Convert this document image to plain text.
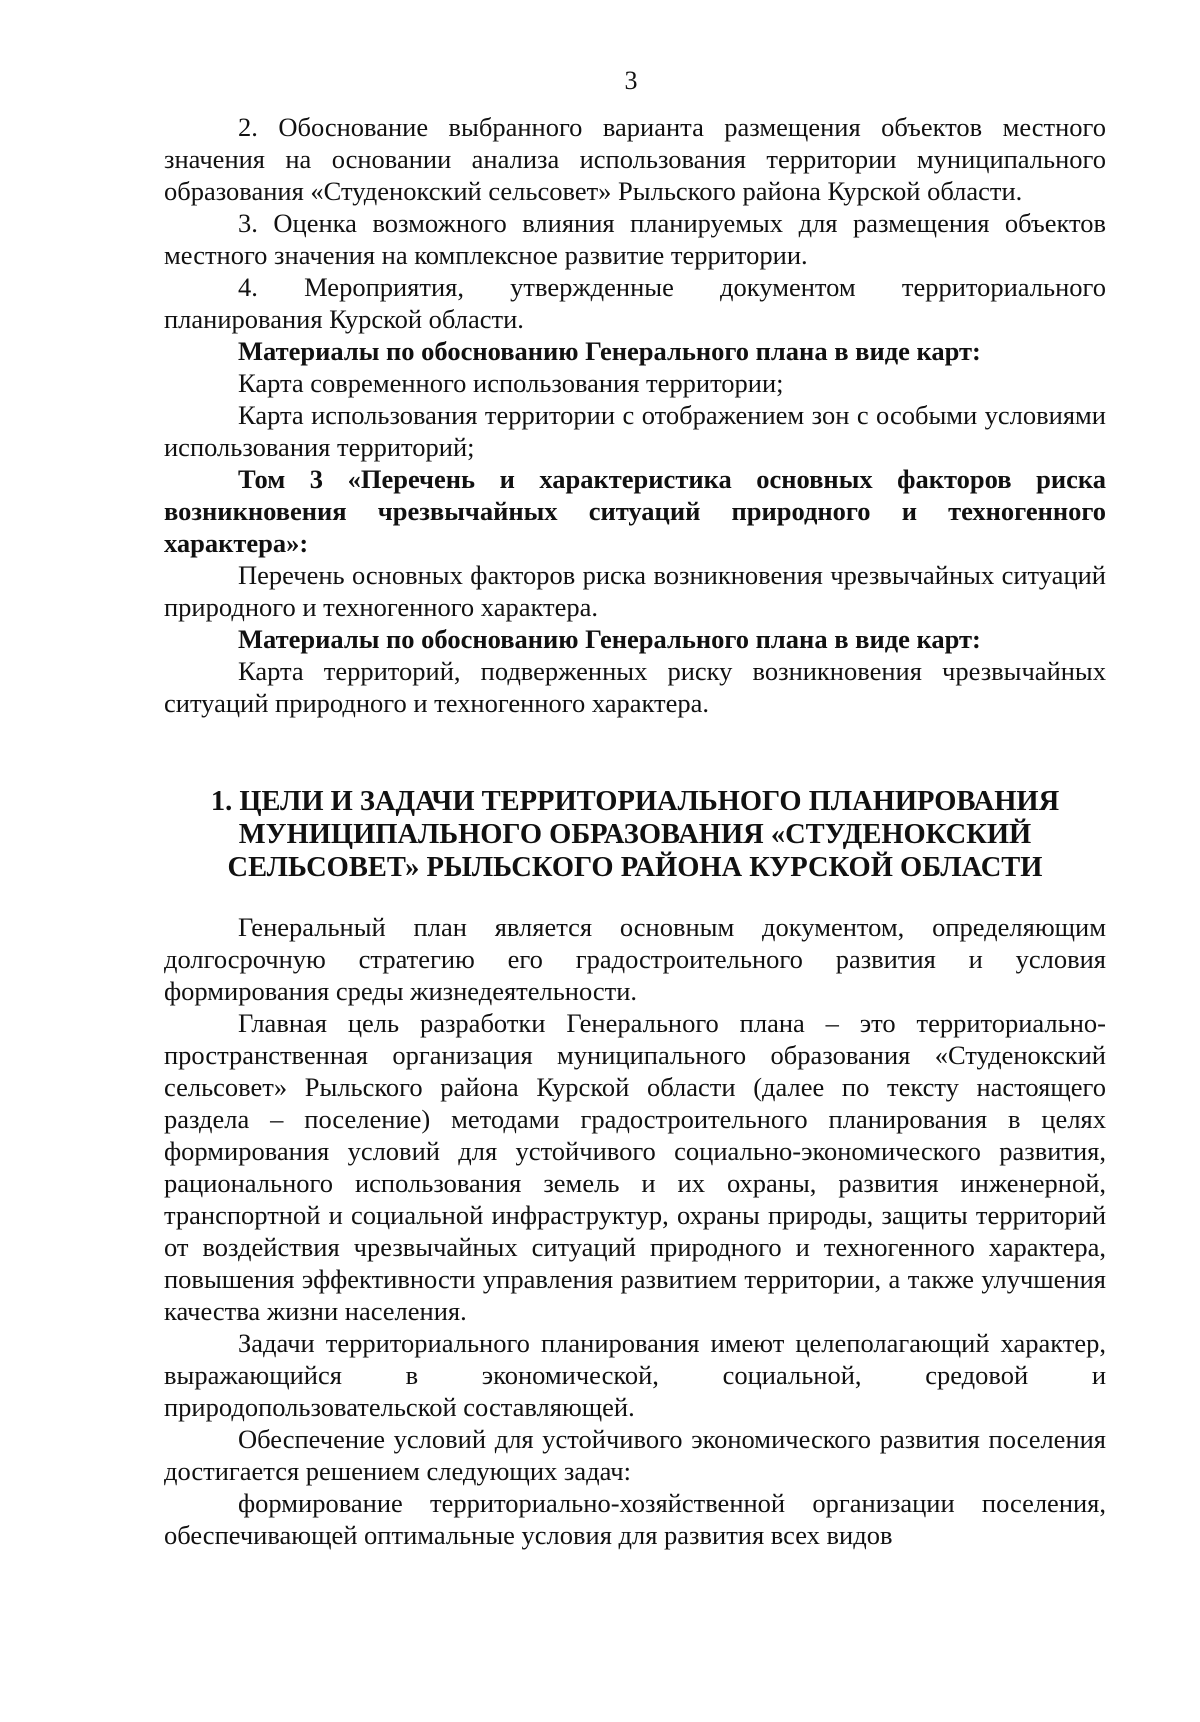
3

2. Обоснование выбранного варианта размещения объектов местного значения на основании анализа использования территории муниципального образования «Студенокский сельсовет» Рыльского района Курской области.

3. Оценка возможного влияния планируемых для размещения объектов местного значения на комплексное развитие территории.

4. Мероприятия, утвержденные документом территориального планирования Курской области.

Материалы по обоснованию Генерального плана в виде карт:

Карта современного использования территории;

Карта использования территории с отображением зон с особыми условиями использования территорий;

Том 3 «Перечень и характеристика основных факторов риска возникновения чрезвычайных ситуаций природного и техногенного характера»:

Перечень основных факторов риска возникновения чрезвычайных ситуаций природного и техногенного характера.

Материалы по обоснованию Генерального плана в виде карт:

Карта территорий, подверженных риску возникновения чрезвычайных ситуаций природного и техногенного характера.

1. ЦЕЛИ И ЗАДАЧИ ТЕРРИТОРИАЛЬНОГО ПЛАНИРОВАНИЯ
МУНИЦИПАЛЬНОГО ОБРАЗОВАНИЯ «СТУДЕНОКСКИЙ
СЕЛЬСОВЕТ» РЫЛЬСКОГО РАЙОНА КУРСКОЙ ОБЛАСТИ

Генеральный план является основным документом, определяющим долгосрочную стратегию его градостроительного развития и условия формирования среды жизнедеятельности.

Главная цель разработки Генерального плана – это территориально-пространственная организация муниципального образования «Студенокский сельсовет» Рыльского района Курской области (далее по тексту настоящего раздела – поселение) методами градостроительного планирования в целях формирования условий для устойчивого социально-экономического развития, рационального использования земель и их охраны, развития инженерной, транспортной и социальной инфраструктур, охраны природы, защиты территорий от воздействия чрезвычайных ситуаций природного и техногенного характера, повышения эффективности управления развитием территории, а также улучшения качества жизни населения.

Задачи территориального планирования имеют целеполагающий характер, выражающийся в экономической, социальной, средовой и природопользовательской составляющей.

Обеспечение условий для устойчивого экономического развития поселения достигается решением следующих задач:

формирование территориально-хозяйственной организации поселения, обеспечивающей оптимальные условия для развития всех видов
